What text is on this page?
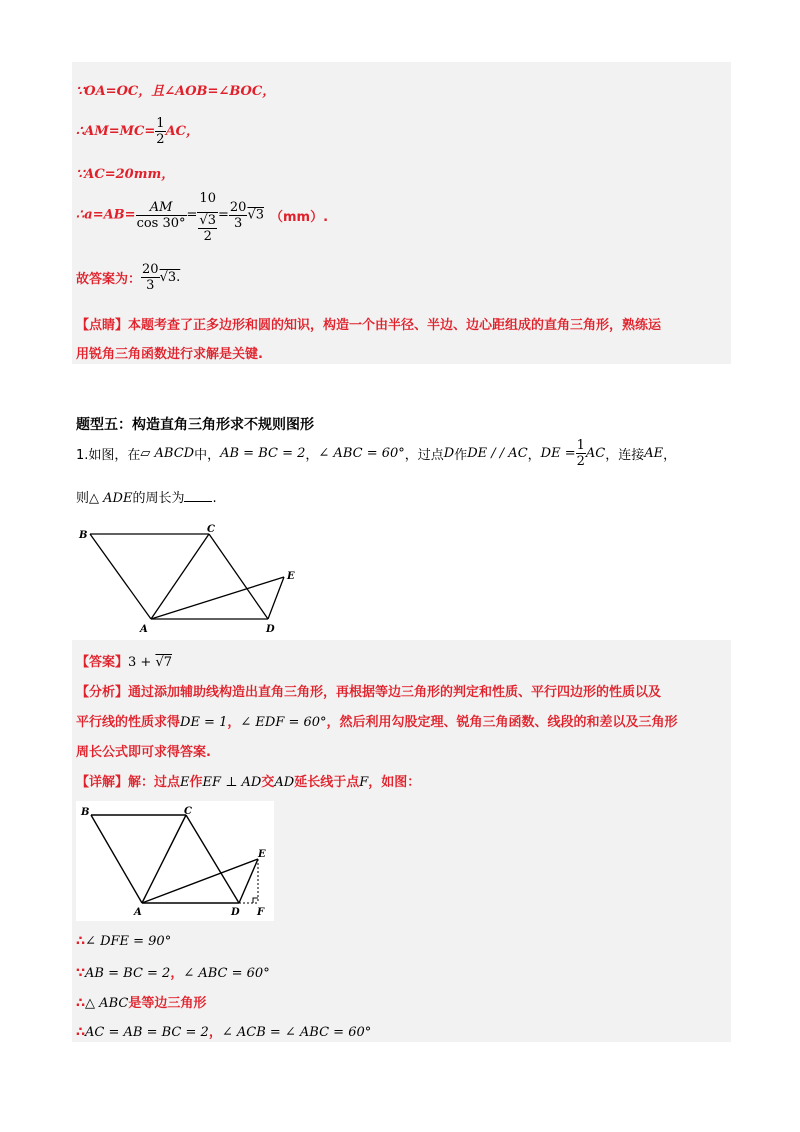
∵OA=OC，且∠AOB=∠BOC，
∴AM=MC= $\frac{1}{2}$ AC，
∵AC=20mm，
∴a=AB= $\frac{AM}{\cos 30^\circ} = \frac{10}{\frac{√3}{2}} = \frac{20}{3} √3$ （mm）.
故答案为： $\frac{20}{3} √3$.
【点睛】本题考查了正多边形和圆的知识，构造一个由半径、半边、边心距组成的直角三角形，熟练运
用锐角三角函数进行求解是关键.
题型五：构造直角三角形求不规则图形
1.如图，在▱ ABCD中，AB = BC = 2，∠ ABC = 60°，过点D作DE / / AC，DE = $\frac{1}{2}$ AC，连接AE，
则△ ADE的周长为 .
B
C
E
A	D
【答案】3 + √7
【分析】通过添加辅助线构造出直角三角形，再根据等边三角形的判定和性质、平行四边形的性质以及
平行线的性质求得DE = 1，∠ EDF = 60°，然后利用勾股定理、锐角三角函数、线段的和差以及三角形
周长公式即可求得答案.
【详解】解：过点E作EF ⊥ AD交AD延长线于点F，如图：
B	C
E
A	D F
∴∠ DFE = 90°
∵AB = BC = 2，∠ ABC = 60°
∴△ ABC是等边三角形
∴AC = AB = BC = 2，∠ ACB = ∠ ABC = 60°
